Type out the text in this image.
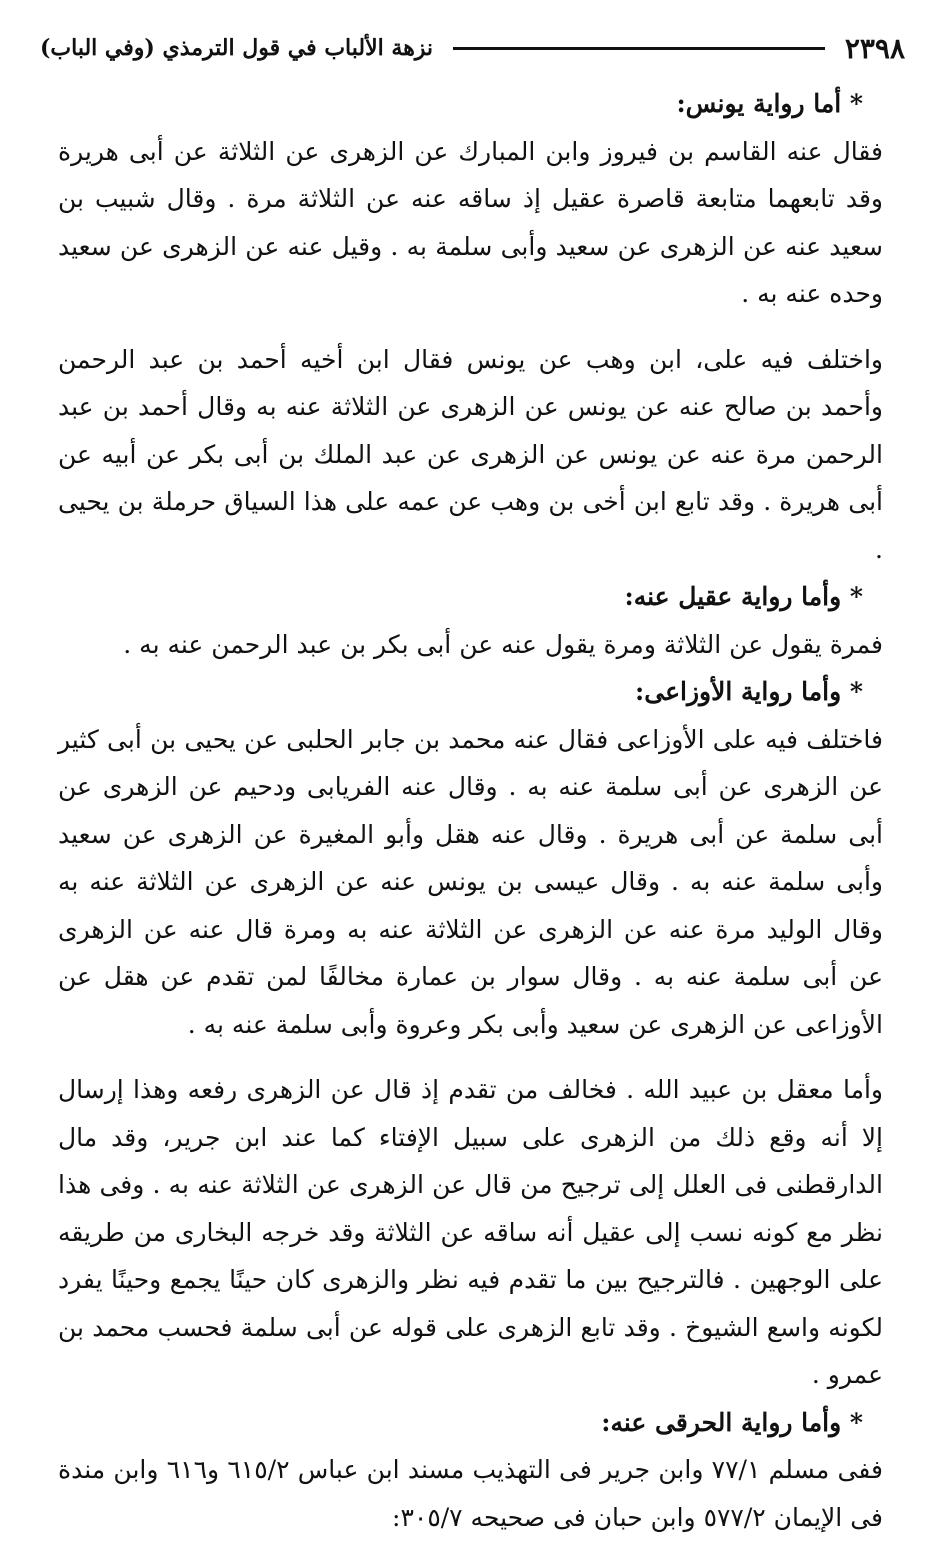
٢٣٩٨
نزهة الألباب في قول الترمذي (وفي الباب)

* أما رواية يونس:

فقال عنه القاسم بن فيروز وابن المبارك عن الزهرى عن الثلاثة عن أبى هريرة وقد تابعهما متابعة قاصرة عقيل إذ ساقه عنه عن الثلاثة مرة . وقال شبيب بن سعيد عنه عن الزهرى عن سعيد وأبى سلمة به . وقيل عنه عن الزهرى عن سعيد وحده عنه به .

واختلف فيه على، ابن وهب عن يونس فقال ابن أخيه أحمد بن عبد الرحمن وأحمد بن صالح عنه عن يونس عن الزهرى عن الثلاثة عنه به وقال أحمد بن عبد الرحمن مرة عنه عن يونس عن الزهرى عن عبد الملك بن أبى بكر عن أبيه عن أبى هريرة . وقد تابع ابن أخى بن وهب عن عمه على هذا السياق حرملة بن يحيى .

* وأما رواية عقيل عنه:

فمرة يقول عن الثلاثة ومرة يقول عنه عن أبى بكر بن عبد الرحمن عنه به .

* وأما رواية الأوزاعى:

فاختلف فيه على الأوزاعى فقال عنه محمد بن جابر الحلبى عن يحيى بن أبى كثير عن الزهرى عن أبى سلمة عنه به . وقال عنه الفريابى ودحيم عن الزهرى عن أبى سلمة عن أبى هريرة . وقال عنه هقل وأبو المغيرة عن الزهرى عن سعيد وأبى سلمة عنه به . وقال عيسى بن يونس عنه عن الزهرى عن الثلاثة عنه به وقال الوليد مرة عنه عن الزهرى عن الثلاثة عنه به ومرة قال عنه عن الزهرى عن أبى سلمة عنه به . وقال سوار بن عمارة مخالفًا لمن تقدم عن هقل عن الأوزاعى عن الزهرى عن سعيد وأبى بكر وعروة وأبى سلمة عنه به .

وأما معقل بن عبيد الله . فخالف من تقدم إذ قال عن الزهرى رفعه وهذا إرسال إلا أنه وقع ذلك من الزهرى على سبيل الإفتاء كما عند ابن جرير، وقد مال الدارقطنى فى العلل إلى ترجيح من قال عن الزهرى عن الثلاثة عنه به . وفى هذا نظر مع كونه نسب إلى عقيل أنه ساقه عن الثلاثة وقد خرجه البخارى من طريقه على الوجهين . فالترجيح بين ما تقدم فيه نظر والزهرى كان حينًا يجمع وحينًا يفرد لكونه واسع الشيوخ . وقد تابع الزهرى على قوله عن أبى سلمة فحسب محمد بن عمرو .

* وأما رواية الحرقى عنه:

ففى مسلم ٧٧/١ وابن جرير فى التهذيب مسند ابن عباس ٦١٥/٢ و٦١٦ وابن مندة فى الإيمان ٥٧٧/٢ وابن حبان فى صحيحه ٣٠٥/٧:
